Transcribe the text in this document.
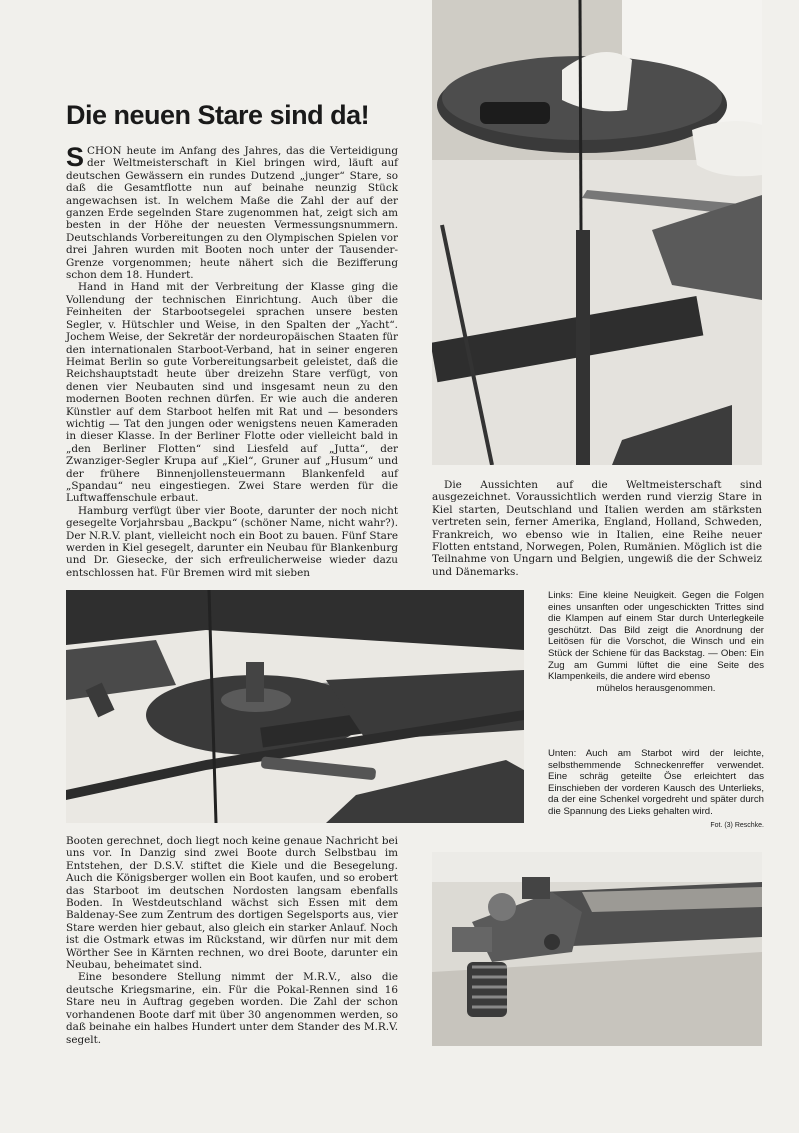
Die neuen Stare sind da!

SCHON heute im Anfang des Jahres, das die Verteidigung der Weltmeisterschaft in Kiel bringen wird, läuft auf deutschen Gewässern ein rundes Dutzend „junger“ Stare, so daß die Gesamtflotte nun auf beinahe neunzig Stück angewachsen ist. In welchem Maße die Zahl der auf der ganzen Erde segelnden Stare zugenommen hat, zeigt sich am besten in der Höhe der neuesten Vermessungsnummern. Deutschlands Vorbereitungen zu den Olympischen Spielen vor drei Jahren wurden mit Booten noch unter der Tausender-Grenze vorgenommen; heute nähert sich die Bezifferung schon dem 18. Hundert.

Hand in Hand mit der Verbreitung der Klasse ging die Vollendung der technischen Einrichtung. Auch über die Feinheiten der Starbootsegelei sprachen unsere besten Segler, v. Hütschler und Weise, in den Spalten der „Yacht“. Jochem Weise, der Sekretär der nordeuropäischen Staaten für den internationalen Starboot-Verband, hat in seiner engeren Heimat Berlin so gute Vorbereitungsarbeit geleistet, daß die Reichshauptstadt heute über dreizehn Stare verfügt, von denen vier Neubauten sind und insgesamt neun zu den modernen Booten rechnen dürfen. Er wie auch die anderen Künstler auf dem Starboot helfen mit Rat und — besonders wichtig — Tat den jungen oder wenigstens neuen Kameraden in dieser Klasse. In der Berliner Flotte oder vielleicht bald in „den Berliner Flotten“ sind Liesfeld auf „Jutta“, der Zwanziger-Segler Krupa auf „Kiel“, Gruner auf „Husum“ und der frühere Binnenjollensteuermann Blankenfeld auf „Spandau“ neu eingestiegen. Zwei Stare werden für die Luftwaffenschule erbaut.

Hamburg verfügt über vier Boote, darunter der noch nicht gesegelte Vorjahrsbau „Backpu“ (schöner Name, nicht wahr?). Der N.R.V. plant, vielleicht noch ein Boot zu bauen. Fünf Stare werden in Kiel gesegelt, darunter ein Neubau für Blankenburg und Dr. Giesecke, der sich erfreulicherweise wieder dazu entschlossen hat. Für Bremen wird mit sieben

Die Aussichten auf die Weltmeisterschaft sind ausgezeichnet. Voraussichtlich werden rund vierzig Stare in Kiel starten, Deutschland und Italien werden am stärksten vertreten sein, ferner Amerika, England, Holland, Schweden, Frankreich, wo ebenso wie in Italien, eine Reihe neuer Flotten entstand, Norwegen, Polen, Rumänien. Möglich ist die Teilnahme von Ungarn und Belgien, ungewiß die der Schweiz und Dänemarks.

Links: Eine kleine Neuigkeit. Gegen die Folgen eines unsanften oder ungeschickten Trittes sind die Klampen auf einem Star durch Unterlegkeile geschützt. Das Bild zeigt die Anordnung der Leitösen für die Vorschot, die Winsch und ein Stück der Schiene für das Backstag. — Oben: Ein Zug am Gummi lüftet die eine Seite des Klampenkeils, die andere wird ebenso
mühelos herausgenommen.

Unten: Auch am Starbot wird der leichte, selbsthemmende Schneckenreffer verwendet. Eine schräg geteilte Öse erleichtert das Einschieben der vorderen Kausch des Unterlieks, da der eine Schenkel vorgedreht und später durch die Spannung des Lieks gehalten wird.
Fot. (3) Reschke.

Booten gerechnet, doch liegt noch keine genaue Nachricht bei uns vor. In Danzig sind zwei Boote durch Selbstbau im Entstehen, der D.S.V. stiftet die Kiele und die Besegelung. Auch die Königsberger wollen ein Boot kaufen, und so erobert das Starboot im deutschen Nordosten langsam ebenfalls Boden. In Westdeutschland wächst sich Essen mit dem Baldenay-See zum Zentrum des dortigen Segelsports aus, vier Stare werden hier gebaut, also gleich ein starker Anlauf. Noch ist die Ostmark etwas im Rückstand, wir dürfen nur mit dem Wörther See in Kärnten rechnen, wo drei Boote, darunter ein Neubau, beheimatet sind.

Eine besondere Stellung nimmt der M.R.V., also die deutsche Kriegsmarine, ein. Für die Pokal-Rennen sind 16 Stare neu in Auftrag gegeben worden. Die Zahl der schon vorhandenen Boote darf mit über 30 angenommen werden, so daß beinahe ein halbes Hundert unter dem Stander des M.R.V. segelt.
